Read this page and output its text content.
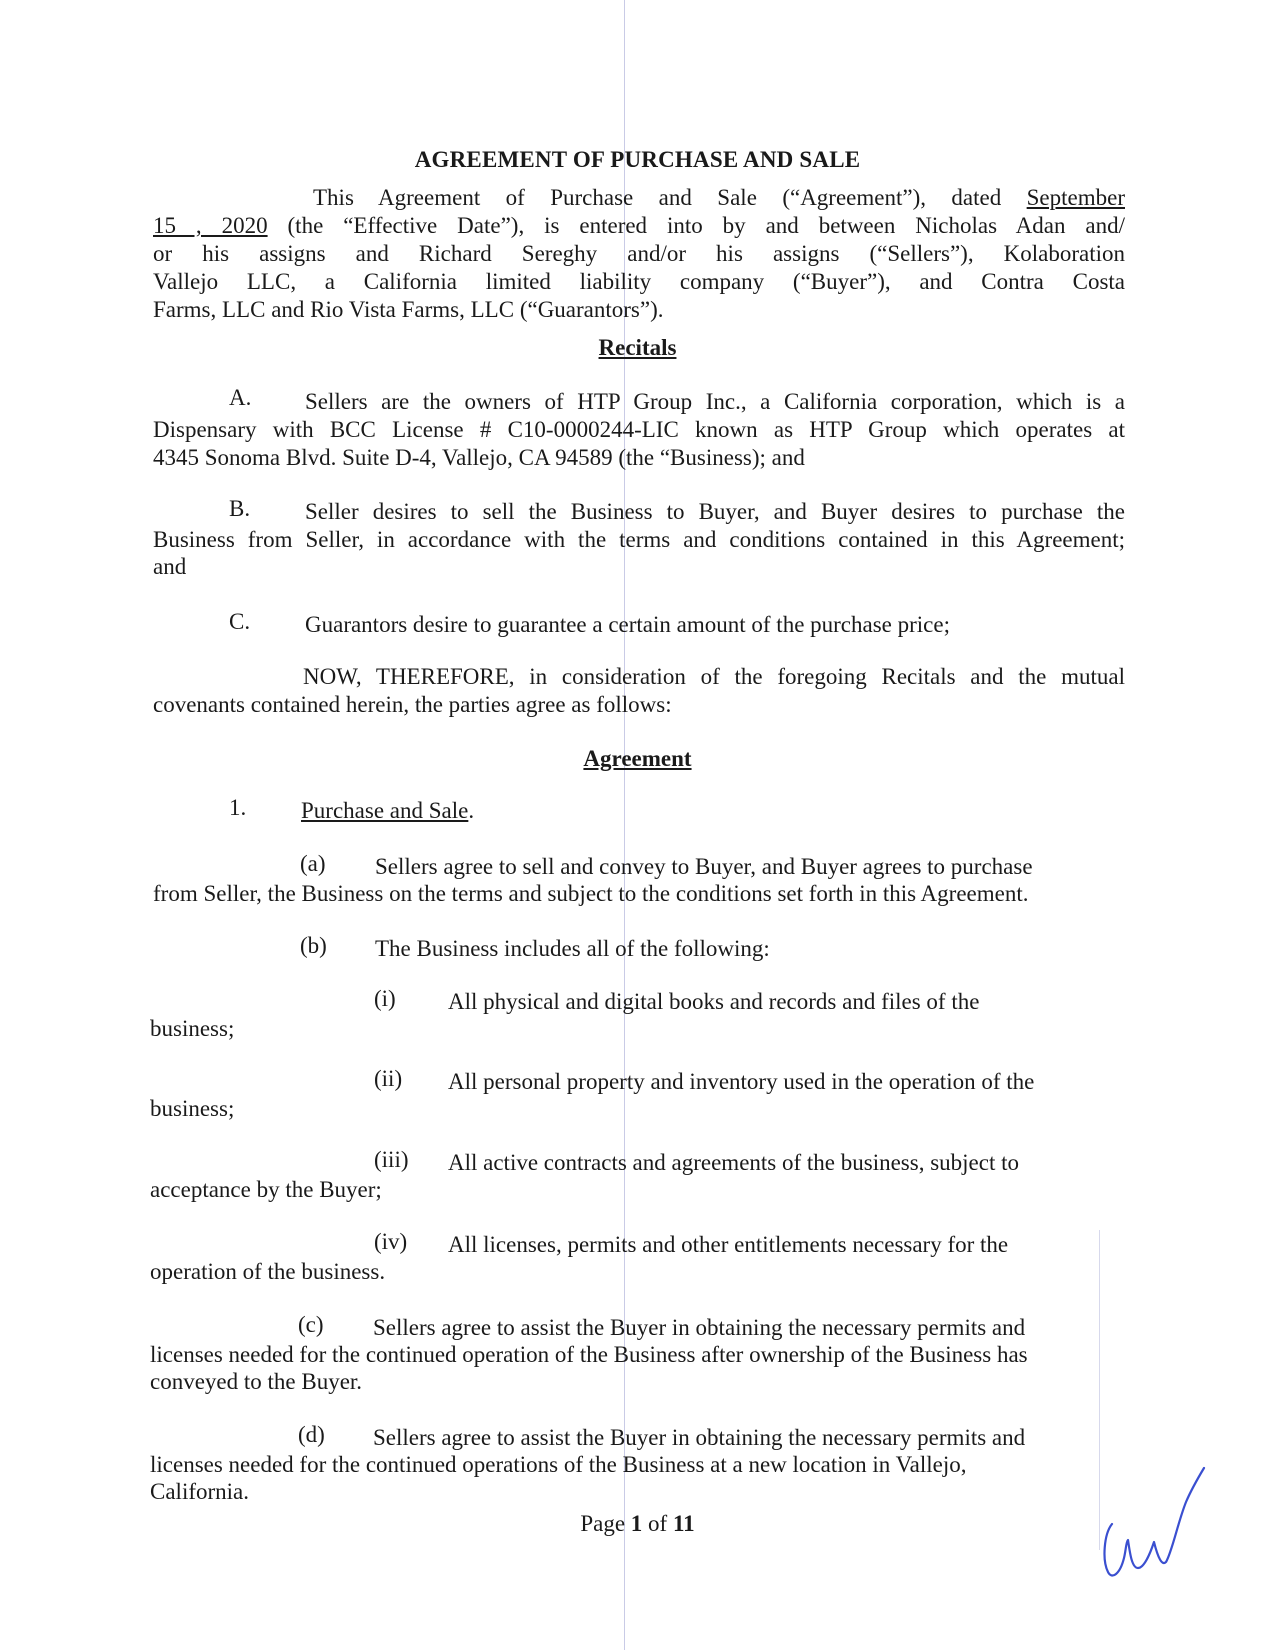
AGREEMENT OF PURCHASE AND SALE
This Agreement of Purchase and Sale (“Agreement”), dated September
15 , 2020 (the “Effective Date”), is entered into by and between Nicholas Adan and/
or his assigns and Richard Sereghy and/or his assigns (“Sellers”), Kolaboration
Vallejo LLC, a California limited liability company (“Buyer”), and Contra Costa
Farms, LLC and Rio Vista Farms, LLC (“Guarantors”).
Recitals
A. Sellers are the owners of HTP Group Inc., a California corporation, which is a
Dispensary with BCC License # C10-0000244-LIC known as HTP Group which operates at
4345 Sonoma Blvd. Suite D-4, Vallejo, CA 94589 (the “Business); and
B. Seller desires to sell the Business to Buyer, and Buyer desires to purchase the
Business from Seller, in accordance with the terms and conditions contained in this Agreement;
and
C. Guarantors desire to guarantee a certain amount of the purchase price;
NOW, THEREFORE, in consideration of the foregoing Recitals and the mutual
covenants contained herein, the parties agree as follows:
Agreement
1. Purchase and Sale.
(a) Sellers agree to sell and convey to Buyer, and Buyer agrees to purchase
from Seller, the Business on the terms and subject to the conditions set forth in this Agreement.
(b) The Business includes all of the following:
(i) All physical and digital books and records and files of the
business;
(ii) All personal property and inventory used in the operation of the
business;
(iii) All active contracts and agreements of the business, subject to
acceptance by the Buyer;
(iv) All licenses, permits and other entitlements necessary for the
operation of the business.
(c) Sellers agree to assist the Buyer in obtaining the necessary permits and
licenses needed for the continued operation of the Business after ownership of the Business has
conveyed to the Buyer.
(d) Sellers agree to assist the Buyer in obtaining the necessary permits and
licenses needed for the continued operations of the Business at a new location in Vallejo,
California.
Page 1 of 11
